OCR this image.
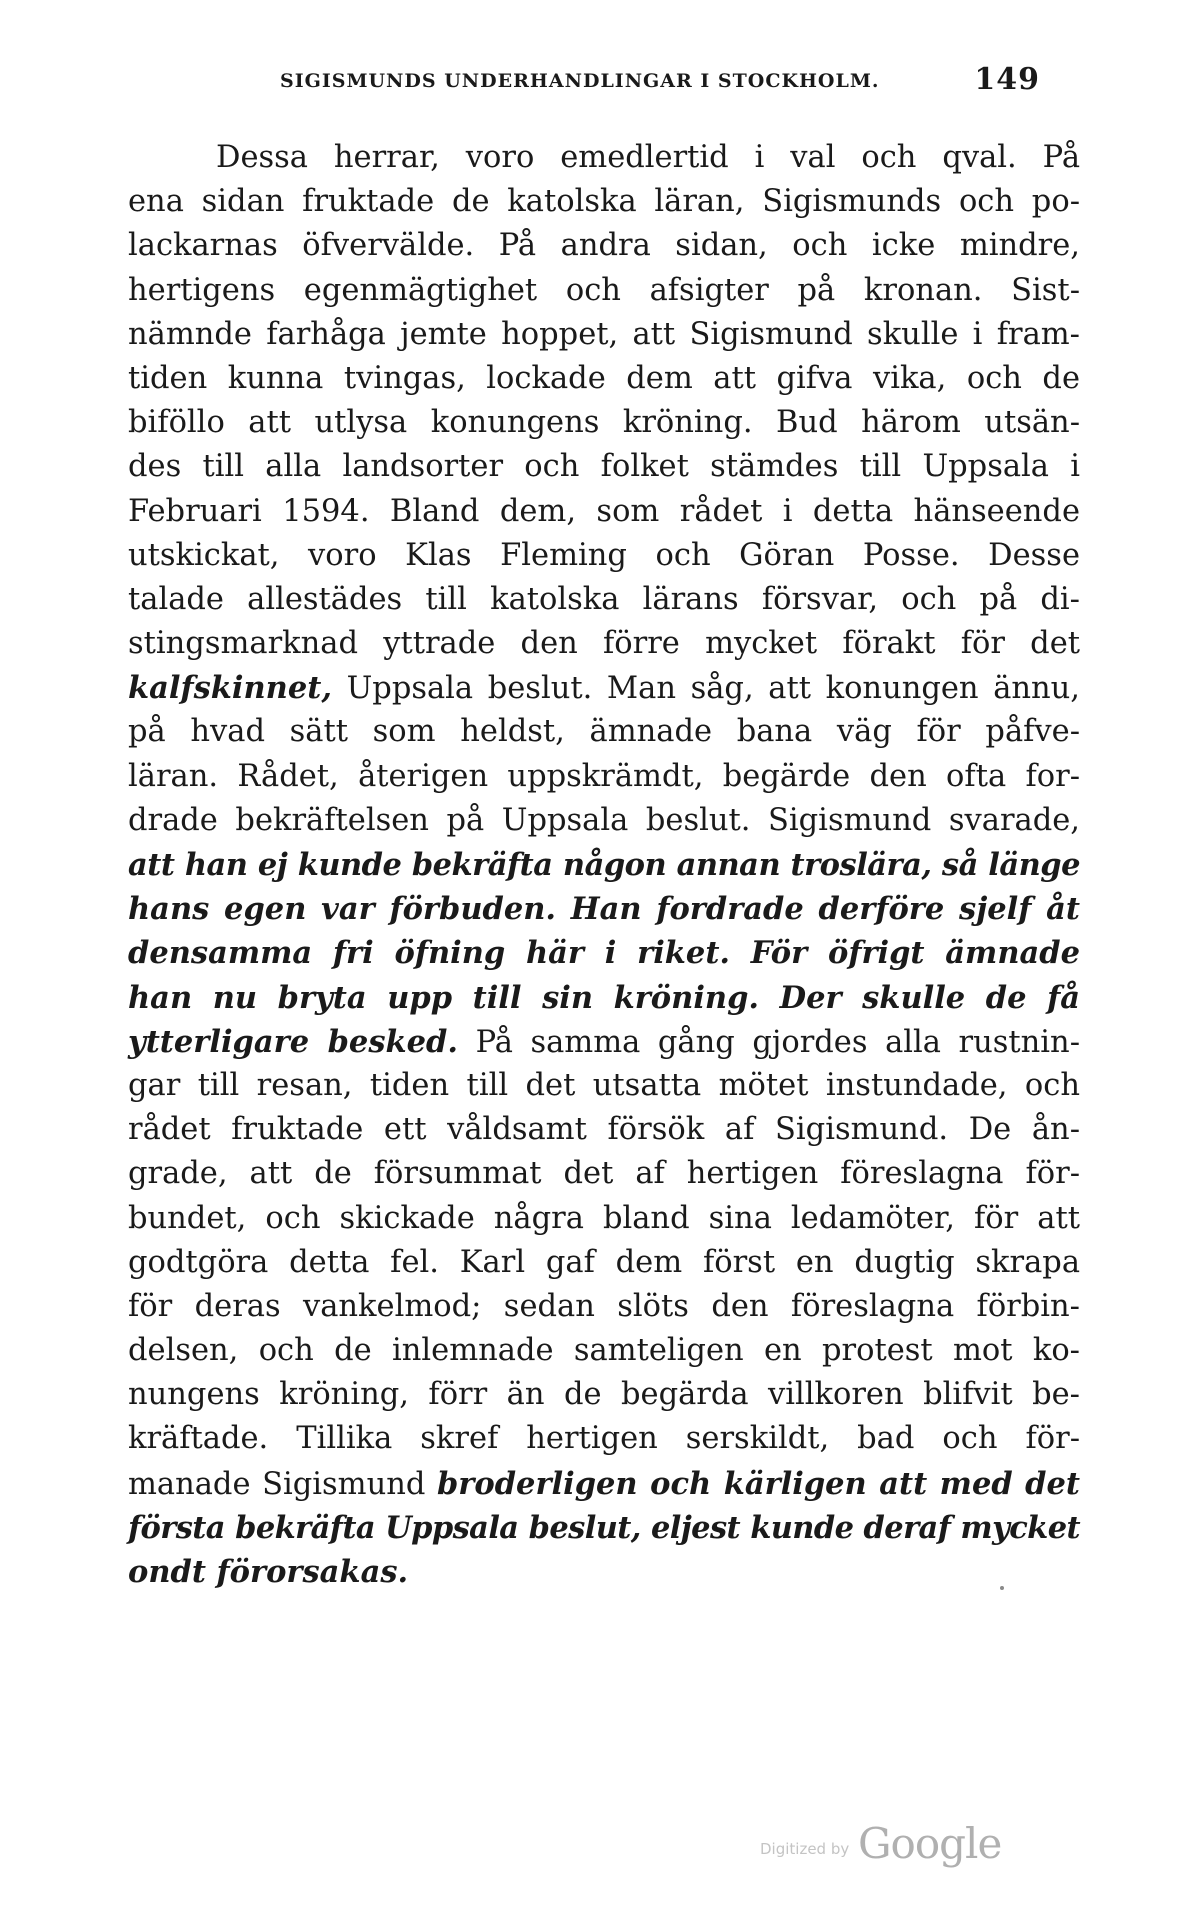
SIGISMUNDS UNDERHANDLINGAR I STOCKHOLM.	149
Dessa herrar, voro emedlertid i val och qval. På
ena sidan fruktade de katolska läran, Sigismunds och po-
lackarnas öfvervälde. På andra sidan, och icke mindre,
hertigens egenmägtighet och afsigter på kronan. Sist-
nämnde farhåga jemte hoppet, att Sigismund skulle i fram-
tiden kunna tvingas, lockade dem att gifva vika, och de
biföllo att utlysa konungens kröning. Bud härom utsän-
des till alla landsorter och folket stämdes till Uppsala i
Februari 1594. Bland dem, som rådet i detta hänseende
utskickat, voro Klas Fleming och Göran Posse. Desse
talade allestädes till katolska lärans försvar, och på di-
stingsmarknad yttrade den förre mycket förakt för det
kalfskinnet, Uppsala beslut. Man såg, att konungen ännu,
på hvad sätt som heldst, ämnade bana väg för påfve-
läran. Rådet, återigen uppskrämdt, begärde den ofta for-
drade bekräftelsen på Uppsala beslut. Sigismund svarade,
att han ej kunde bekräfta någon annan troslära, så länge
hans egen var förbuden. Han fordrade derföre sjelf åt
densamma fri öfning här i riket. För öfrigt ämnade
han nu bryta upp till sin kröning. Der skulle de få
ytterligare besked. På samma gång gjordes alla rustnin-
gar till resan, tiden till det utsatta mötet instundade, och
rådet fruktade ett våldsamt försök af Sigismund. De ån-
grade, att de försummat det af hertigen föreslagna för-
bundet, och skickade några bland sina ledamöter, för att
godtgöra detta fel. Karl gaf dem först en dugtig skrapa
för deras vankelmod; sedan slöts den föreslagna förbin-
delsen, och de inlemnade samteligen en protest mot ko-
nungens kröning, förr än de begärda villkoren blifvit be-
kräftade. Tillika skref hertigen serskildt, bad och för-
manade Sigismund broderligen och kärligen att med det
första bekräfta Uppsala beslut, eljest kunde deraf mycket
ondt förorsakas.
Digitized by Google
